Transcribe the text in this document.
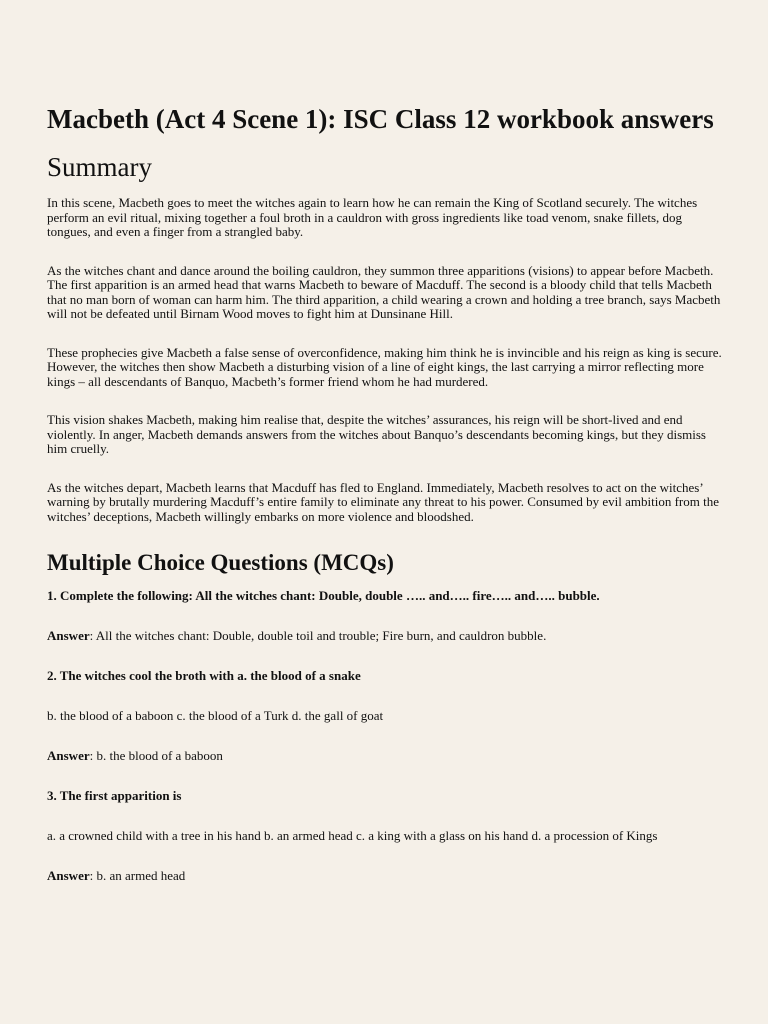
Macbeth (Act 4 Scene 1): ISC Class 12 workbook answers
Summary

In this scene, Macbeth goes to meet the witches again to learn how he can remain the King of Scotland securely. The witches perform an evil ritual, mixing together a foul broth in a cauldron with gross ingredients like toad venom, snake fillets, dog tongues, and even a finger from a strangled baby.

As the witches chant and dance around the boiling cauldron, they summon three apparitions (visions) to appear before Macbeth. The first apparition is an armed head that warns Macbeth to beware of Macduff. The second is a bloody child that tells Macbeth that no man born of woman can harm him. The third apparition, a child wearing a crown and holding a tree branch, says Macbeth will not be defeated until Birnam Wood moves to fight him at Dunsinane Hill.

These prophecies give Macbeth a false sense of overconfidence, making him think he is invincible and his reign as king is secure. However, the witches then show Macbeth a disturbing vision of a line of eight kings, the last carrying a mirror reflecting more kings – all descendants of Banquo, Macbeth’s former friend whom he had murdered.

This vision shakes Macbeth, making him realise that, despite the witches’ assurances, his reign will be short-lived and end violently. In anger, Macbeth demands answers from the witches about Banquo’s descendants becoming kings, but they dismiss him cruelly.

As the witches depart, Macbeth learns that Macduff has fled to England. Immediately, Macbeth resolves to act on the witches’ warning by brutally murdering Macduff’s entire family to eliminate any threat to his power. Consumed by evil ambition from the witches’ deceptions, Macbeth willingly embarks on more violence and bloodshed.

Multiple Choice Questions (MCQs)

1. Complete the following: All the witches chant: Double, double ….. and….. fire….. and….. bubble.

Answer: All the witches chant: Double, double toil and trouble; Fire burn, and cauldron bubble.

2. The witches cool the broth with a. the blood of a snake

b. the blood of a baboon c. the blood of a Turk d. the gall of goat

Answer: b. the blood of a baboon

3. The first apparition is

a. a crowned child with a tree in his hand b. an armed head c. a king with a glass on his hand d. a procession of Kings

Answer: b. an armed head
